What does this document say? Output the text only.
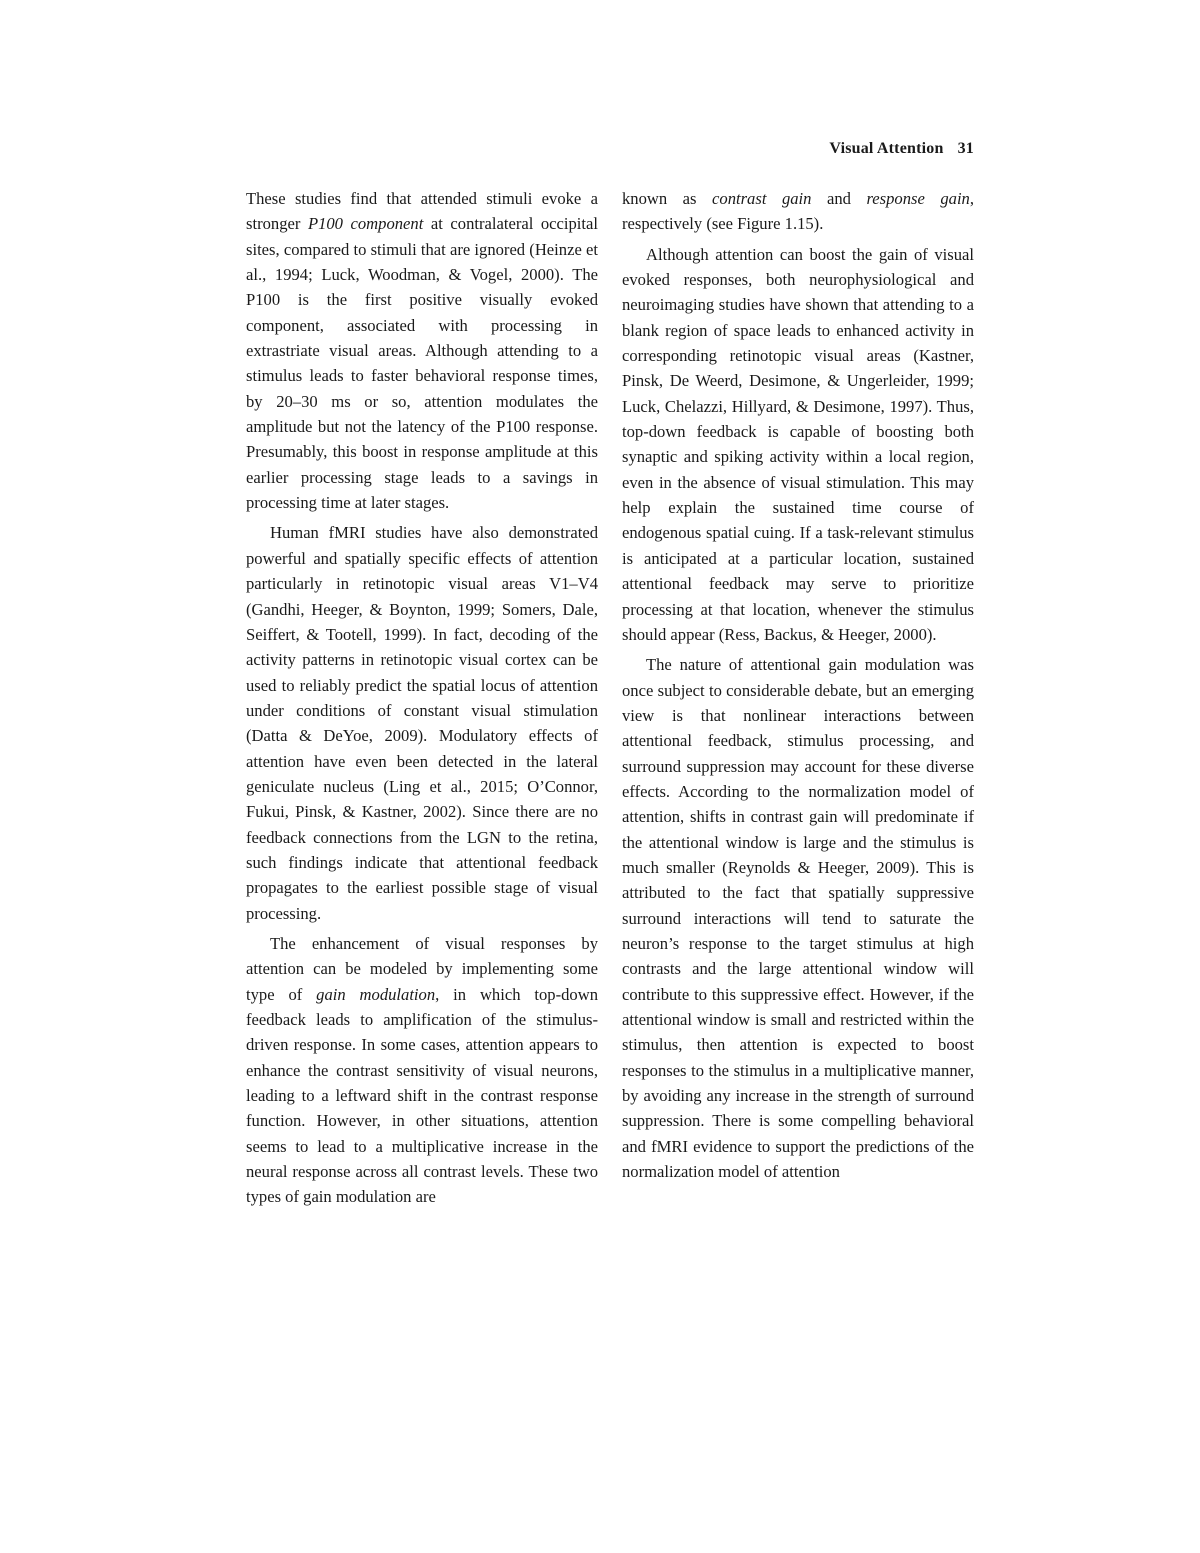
Visual Attention 31

These studies find that attended stimuli evoke a stronger P100 component at contralateral occipital sites, compared to stimuli that are ignored (Heinze et al., 1994; Luck, Woodman, & Vogel, 2000). The P100 is the first positive visually evoked component, associated with processing in extrastriate visual areas. Although attending to a stimulus leads to faster behavioral response times, by 20–30 ms or so, attention modulates the amplitude but not the latency of the P100 response. Presumably, this boost in response amplitude at this earlier processing stage leads to a savings in processing time at later stages.

Human fMRI studies have also demonstrated powerful and spatially specific effects of attention particularly in retinotopic visual areas V1–V4 (Gandhi, Heeger, & Boynton, 1999; Somers, Dale, Seiffert, & Tootell, 1999). In fact, decoding of the activity patterns in retinotopic visual cortex can be used to reliably predict the spatial locus of attention under conditions of constant visual stimulation (Datta & DeYoe, 2009). Modulatory effects of attention have even been detected in the lateral geniculate nucleus (Ling et al., 2015; O’Connor, Fukui, Pinsk, & Kastner, 2002). Since there are no feedback connections from the LGN to the retina, such findings indicate that attentional feedback propagates to the earliest possible stage of visual processing.

The enhancement of visual responses by attention can be modeled by implementing some type of gain modulation, in which top-down feedback leads to amplification of the stimulus-driven response. In some cases, attention appears to enhance the contrast sensitivity of visual neurons, leading to a leftward shift in the contrast response function. However, in other situations, attention seems to lead to a multiplicative increase in the neural response across all contrast levels. These two types of gain modulation are

known as contrast gain and response gain, respectively (see Figure 1.15).

Although attention can boost the gain of visual evoked responses, both neurophysiological and neuroimaging studies have shown that attending to a blank region of space leads to enhanced activity in corresponding retinotopic visual areas (Kastner, Pinsk, De Weerd, Desimone, & Ungerleider, 1999; Luck, Chelazzi, Hillyard, & Desimone, 1997). Thus, top-down feedback is capable of boosting both synaptic and spiking activity within a local region, even in the absence of visual stimulation. This may help explain the sustained time course of endogenous spatial cuing. If a task-relevant stimulus is anticipated at a particular location, sustained attentional feedback may serve to prioritize processing at that location, whenever the stimulus should appear (Ress, Backus, & Heeger, 2000).

The nature of attentional gain modulation was once subject to considerable debate, but an emerging view is that nonlinear interactions between attentional feedback, stimulus processing, and surround suppression may account for these diverse effects. According to the normalization model of attention, shifts in contrast gain will predominate if the attentional window is large and the stimulus is much smaller (Reynolds & Heeger, 2009). This is attributed to the fact that spatially suppressive surround interactions will tend to saturate the neuron’s response to the target stimulus at high contrasts and the large attentional window will contribute to this suppressive effect. However, if the attentional window is small and restricted within the stimulus, then attention is expected to boost responses to the stimulus in a multiplicative manner, by avoiding any increase in the strength of surround suppression. There is some compelling behavioral and fMRI evidence to support the predictions of the normalization model of attention
